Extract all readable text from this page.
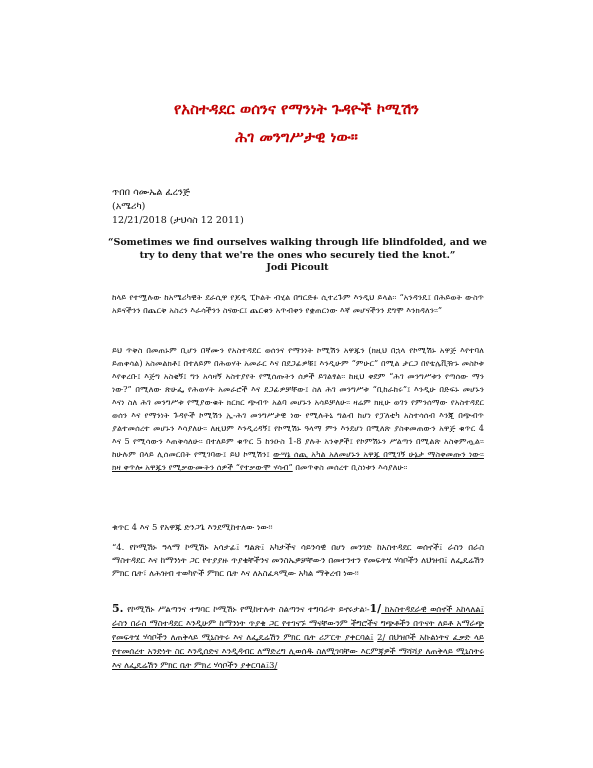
የአስተዳደር ወሰንና የማንነት ጉዳዮች ኮሚሽን
ሕገ መንግሥታዊ ነው።
ጥበበ ሳሙኤል ፈረንጅ
(አሜሪካ)
12/21/2018 (ታህሳስ 12 2011)
“Sometimes we find ourselves walking through life blindfolded, and we try to deny that we're the ones who securely tied the knot.”
Jodi Picoult
ከላይ የተሟሉው ከአሜሪካዊት ደራሲዋ የጆዲ ፒኮልት ብሂል በግርድፉ ሲተረጉም እንዲህ ይላል፡፡ “አንዳንዴ፤ በሕይወት ውስጥ አይናችንን በጨርቅ አስረን እራሳችንን ስናውር፤ ጨርቁን አጥብቀን የቋጠርነው እኛ መሆናችንን ደግሞ እንክዳለን፡፡”
ይህ ጥቅስ በመጠኑም ቢሆን በኛሙን የአስተዳደር ወሰንና የማንነት ኮሚሽን አዋጁን (ክዚህ በኋላ የኮሚሽኑ አዋጅ እየተባለ ይጠቀሳል) አስመልክቶ፤ በተለይም በሕወሃት አመራር እና በደጋፊዎቹ፤ እንዲሁም “ምሁር” በሚል ታርጋ በየቴሌቪዥኑ መስኮቱ እየቀረቡ፤ እጅግ አስቂኝ፤ ግን አሳዛኝ አስተያየት የሚሰጡትን ሰዎች ይገልፃል፡፡ ከዚህ ቀደም “ሕገ መንግሥቱን የጣሰው ማን ነው?” በሚለው ጽሁፌ የሕወሃት አመራሮች እና ደጋፊዎቻቸው፤ ስለ ሕገ መንግሥቱ “ቢከራከሩ”፤ እንዲሁ በድፍኑ መሆኑን እናነ ስለ ሕገ መንግሥቱ የሚያውቁት ክርክር ጭብጥ አልባ መሆኑን አሳይቻለሁ፡፡ ዛሬም ክዚሁ ወገን የምንሰማው የአስተዳደር ወሰን እና የማንነት ጉዳዮች ኮሚሽን ኢ-ሕገ መንግሥታዊ ነው የሚሉትኒ ግልብ ከሆነ የፓለቲካ አስተሳሰብ እንጂ በጭብጥ ያልተመሰረተ መሆኑን እሳያለሁ፡፡ ለዚህም እንዲረዳኝ፤ የኮሚሽኑ ዓላማ ምን እንደሆነ በሚለጽ ያስቀመጠውን አዋጅ ቁጥር 4 እና 5 የሚሳውን እጠቅሳለሁ፡፡ በተለይም ቁጥር 5 ከንዑስ 1-8 ያሉት አንቀፆች፤ የኮምሽኑን ሥልጣን በሚልጽ አስቀምጧል፡፡ ከሁሉም በላይ ሊሰመርበት የሚገባው፤ ይህ ኮሚሽን፤ ውሣኔ ሰጪ አካል አለመሆኑን አዋጁ በሚገኝ ሁኔታ ማስቀመጡን ነው፡፡ ክዛ ቀጥሎ አዋጁን የሚቃውሙትን ሰዎች “የተቃውሞ ሃሳብ” በመጥቀስ መሰረተ ቢስነቱን እሳያለሁ፡፡
ቁጥር 4 እና 5 የአዋጁ ድንጋጌ እንደሚከተለው ነው፡፡
“4. የኮሚሽኑ ዓላማ ኮሚሽኑ አሳታፊ፤ ግልጽ፤ አካታችና ሳይንሳዊ በሆነ መንገድ ከአስተዳደር ወሰኖች፤ ራስን በራስ ማስተዳደር እና ከማንነት ጋር የተያያዙ ጥያቄቸችንና መንስኤዎቻቸውን በመተንተን የመፍትሄ ሃሳቦችን ለህዝብ፤ ለፌዴሬሽን ምክር ቤት፣ ለሕዝብ ተወካዮች ምክር ቤት እና ለአስፈጻሚው አካል ማቅረብ ነው፡፡
5. የኮሚሽኑ ሥልጣንና ተግባር ኮሚሽኑ የሚከተሉት ስልጣንና ተግባራት ይኖሩታል፡-1/ ከአስተዳደራዊ ወሰኖች አከላለል፤ ራስን በራስ ማስተዳደር እንዲሁም ከማንነት ጥያቄ ጋር የተገናኙ ማናቸውንም ችግሮችና ግጭቶችን በጥናት ለይቶ አማራጭ የመፍትሄ ሃሳቦችን ለጠቅላይ ሚኒስትሩ እና ለፌዴሬሽን ምክር ቤት ሪፖርት ያቀርባል፤ 2/ በህዝቦች አኩልነትና ፈቃድ ላይ የተመሰረተ አንድነት ስር እንዲሰድና እንዲዳብር ለማድረግ ሊወሰዱ ስለሚገባቸው እርምጃዎች ማሻሻያ ለጠቅላይ ሚኒስትሩ እና ለፌዴሬሽን ምክር ቤት ምክረ ሃሳቦችን ያቀርባል፤3/
